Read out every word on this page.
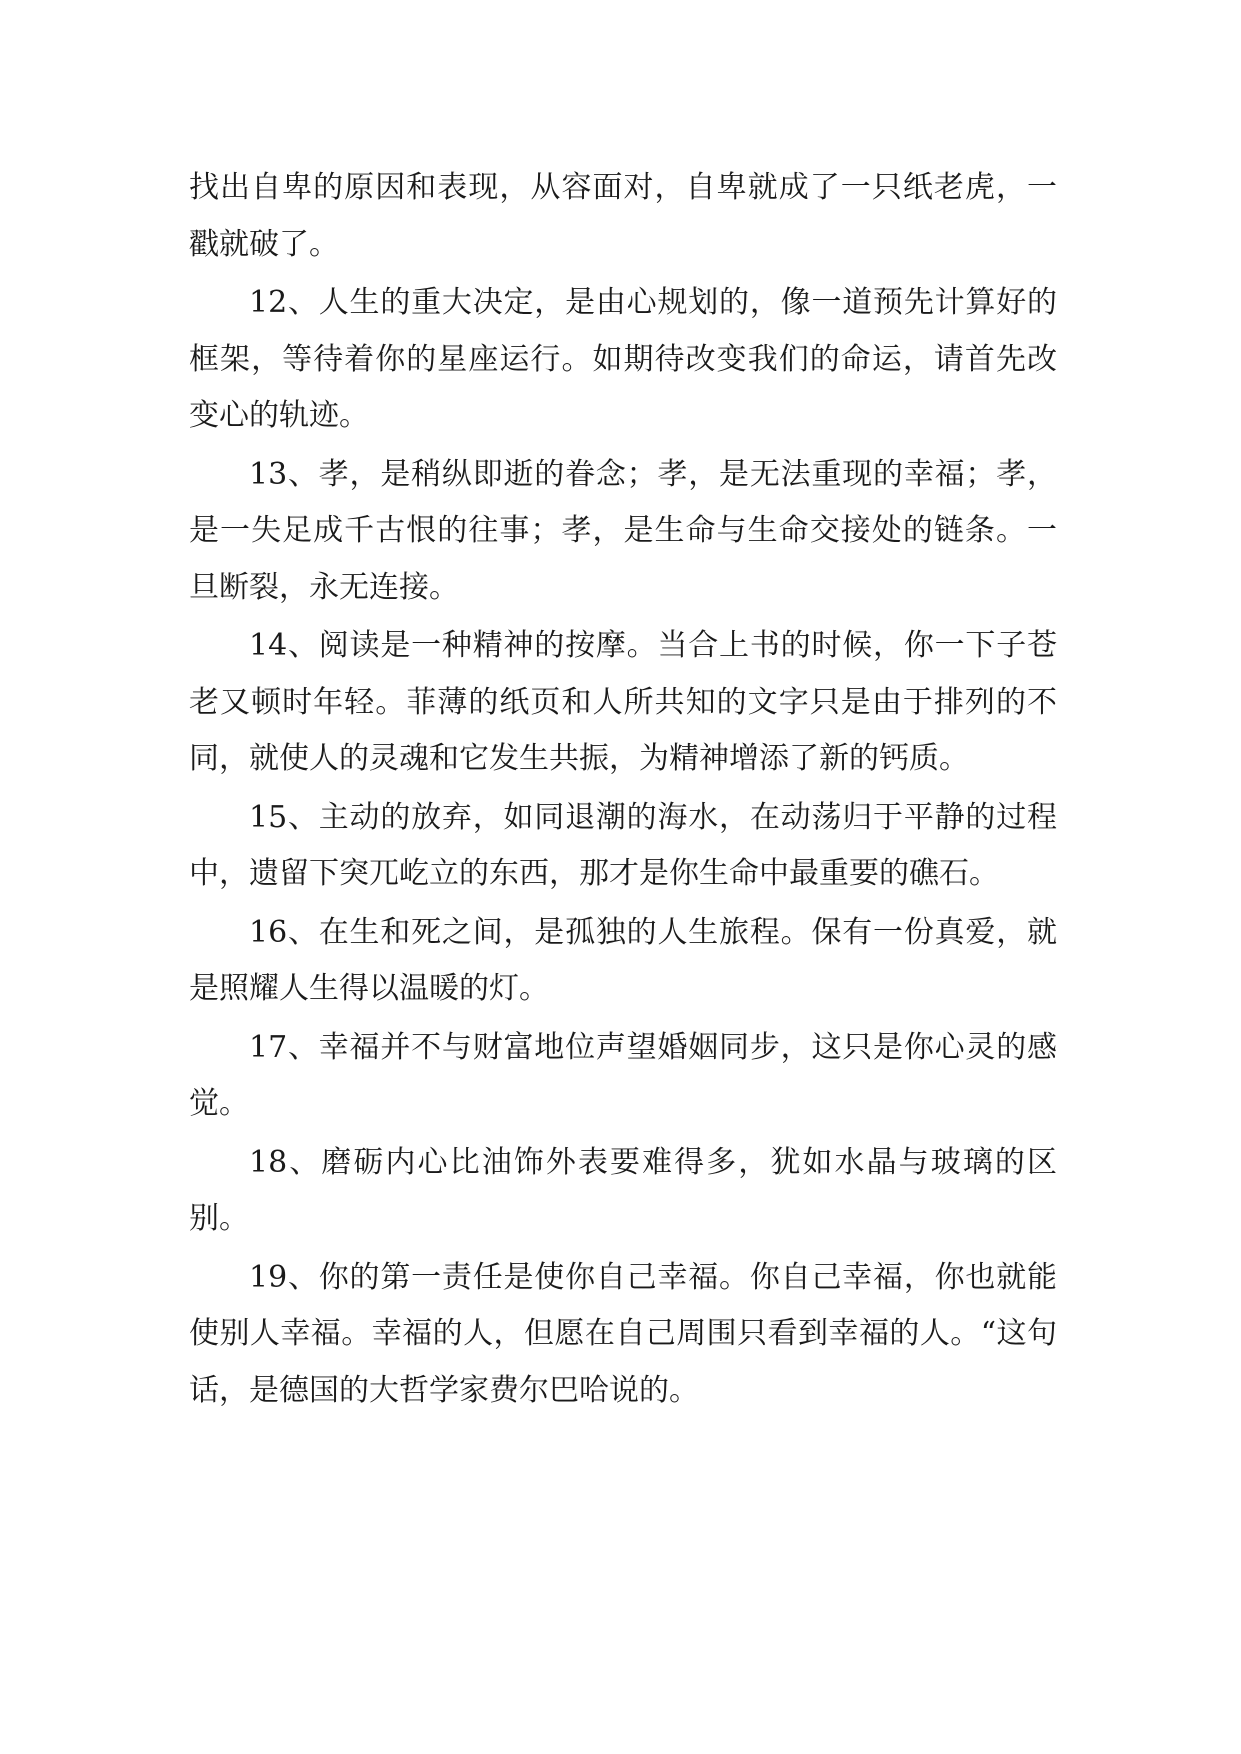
找出自卑的原因和表现，从容面对，自卑就成了一只纸老虎，一戳就破了。

12、人生的重大决定，是由心规划的，像一道预先计算好的框架，等待着你的星座运行。如期待改变我们的命运，请首先改变心的轨迹。

13、孝，是稍纵即逝的眷念；孝，是无法重现的幸福；孝，是一失足成千古恨的往事；孝，是生命与生命交接处的链条。一旦断裂，永无连接。

14、阅读是一种精神的按摩。当合上书的时候，你一下子苍老又顿时年轻。菲薄的纸页和人所共知的文字只是由于排列的不同，就使人的灵魂和它发生共振，为精神增添了新的钙质。

15、主动的放弃，如同退潮的海水，在动荡归于平静的过程中，遗留下突兀屹立的东西，那才是你生命中最重要的礁石。

16、在生和死之间，是孤独的人生旅程。保有一份真爱，就是照耀人生得以温暖的灯。

17、幸福并不与财富地位声望婚姻同步，这只是你心灵的感觉。

18、磨砺内心比油饰外表要难得多，犹如水晶与玻璃的区别。

19、你的第一责任是使你自己幸福。你自己幸福，你也就能使别人幸福。幸福的人，但愿在自己周围只看到幸福的人。“这句话，是德国的大哲学家费尔巴哈说的。
